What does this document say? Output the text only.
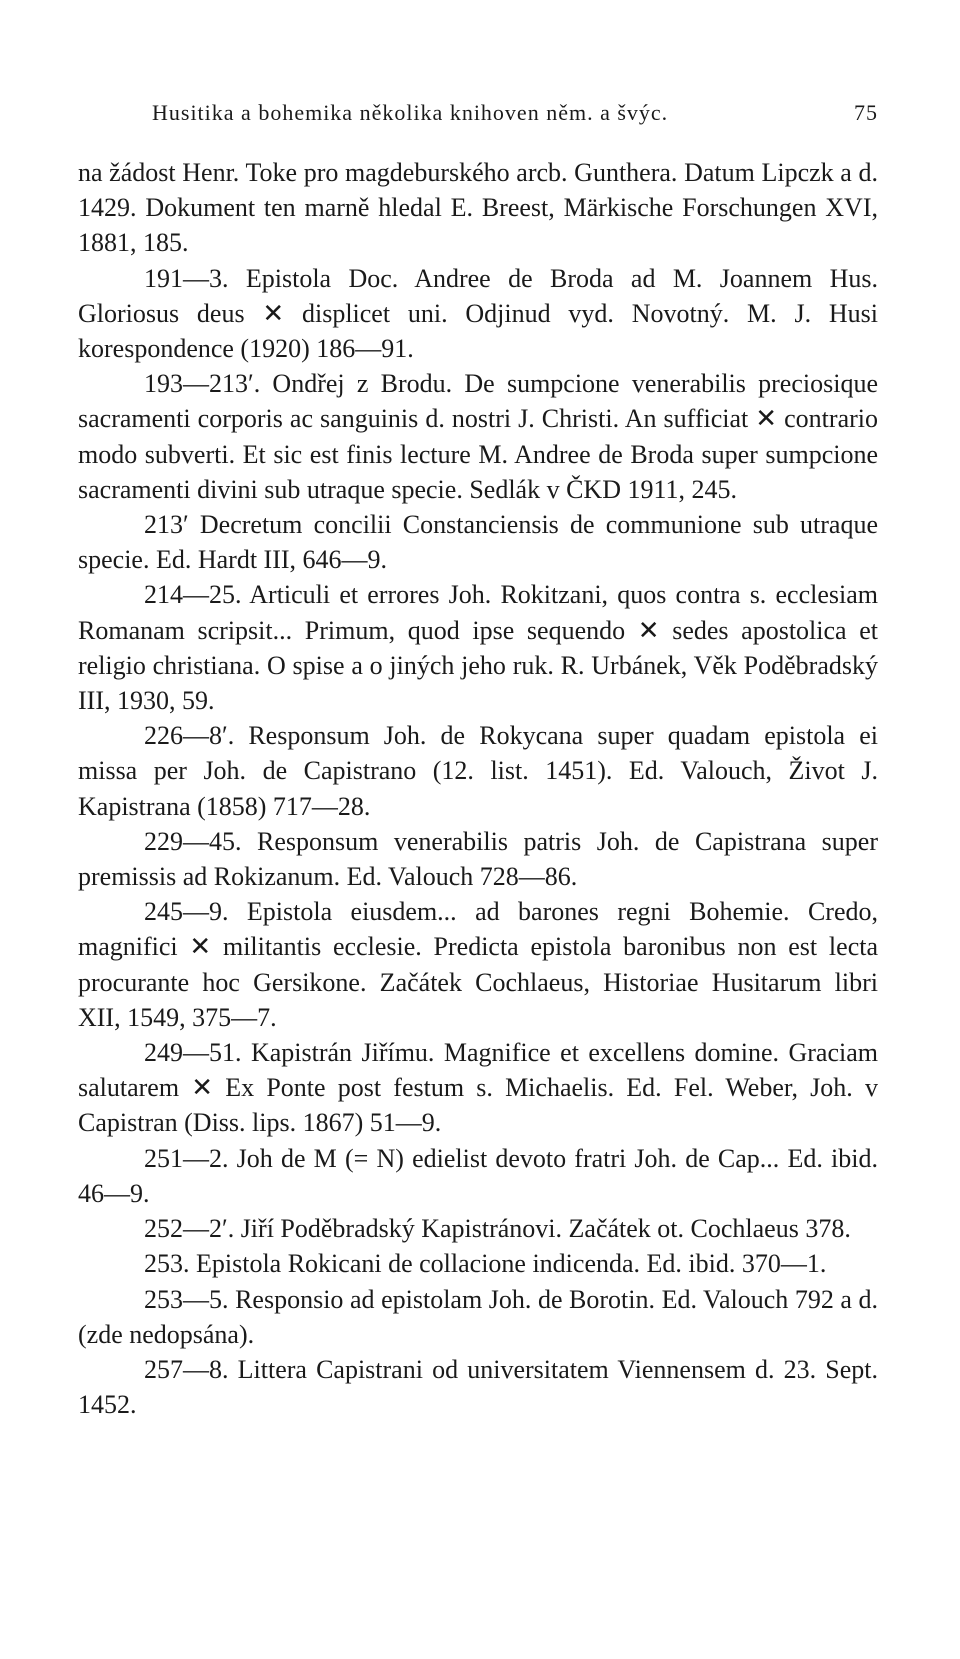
Husitika a bohemika několika knihoven něm. a švýc.	75

na žádost Henr. Toke pro magdeburského arcb. Gunthera. Datum Lipczk a d. 1429. Dokument ten marně hledal E. Breest, Märkische Forschungen XVI, 1881, 185.

191—3. Epistola Doc. Andree de Broda ad M. Joannem Hus. Gloriosus deus ✕ displicet uni. Odjinud vyd. Novotný. M. J. Husi korespondence (1920) 186—91.

193—213′. Ondřej z Brodu. De sumpcione venerabilis preciosique sacramenti corporis ac sanguinis d. nostri J. Christi. An sufficiat ✕ contrario modo subverti. Et sic est finis lecture M. Andree de Broda super sumpcione sacramenti divini sub utraque specie. Sedlák v ČKD 1911, 245.

213′ Decretum concilii Constanciensis de communione sub utraque specie. Ed. Hardt III, 646—9.

214—25. Articuli et errores Joh. Rokitzani, quos contra s. ecclesiam Romanam scripsit... Primum, quod ipse sequendo ✕ sedes apostolica et religio christiana. O spise a o jiných jeho ruk. R. Urbánek, Věk Poděbradský III, 1930, 59.

226—8′. Responsum Joh. de Rokycana super quadam epistola ei missa per Joh. de Capistrano (12. list. 1451). Ed. Valouch, Život J. Kapistrana (1858) 717—28.

229—45. Responsum venerabilis patris Joh. de Capistrana super premissis ad Rokizanum. Ed. Valouch 728—86.

245—9. Epistola eiusdem... ad barones regni Bohemie. Credo, magnifici ✕ militantis ecclesie. Predicta epistola baronibus non est lecta procurante hoc Gersikone. Začátek Cochlaeus, Historiae Husitarum libri XII, 1549, 375—7.

249—51. Kapistrán Jiřímu. Magnifice et excellens domine. Graciam salutarem ✕ Ex Ponte post festum s. Michaelis. Ed. Fel. Weber, Joh. v Capistran (Diss. lips. 1867) 51—9.

251—2. Joh de M (= N) edielist devoto fratri Joh. de Cap... Ed. ibid. 46—9.

252—2′. Jiří Poděbradský Kapistránovi. Začátek ot. Cochlaeus 378.

253. Epistola Rokicani de collacione indicenda. Ed. ibid. 370—1.

253—5. Responsio ad epistolam Joh. de Borotin. Ed. Valouch 792 a d. (zde nedopsána).

257—8. Littera Capistrani od universitatem Viennensem d. 23. Sept. 1452.
